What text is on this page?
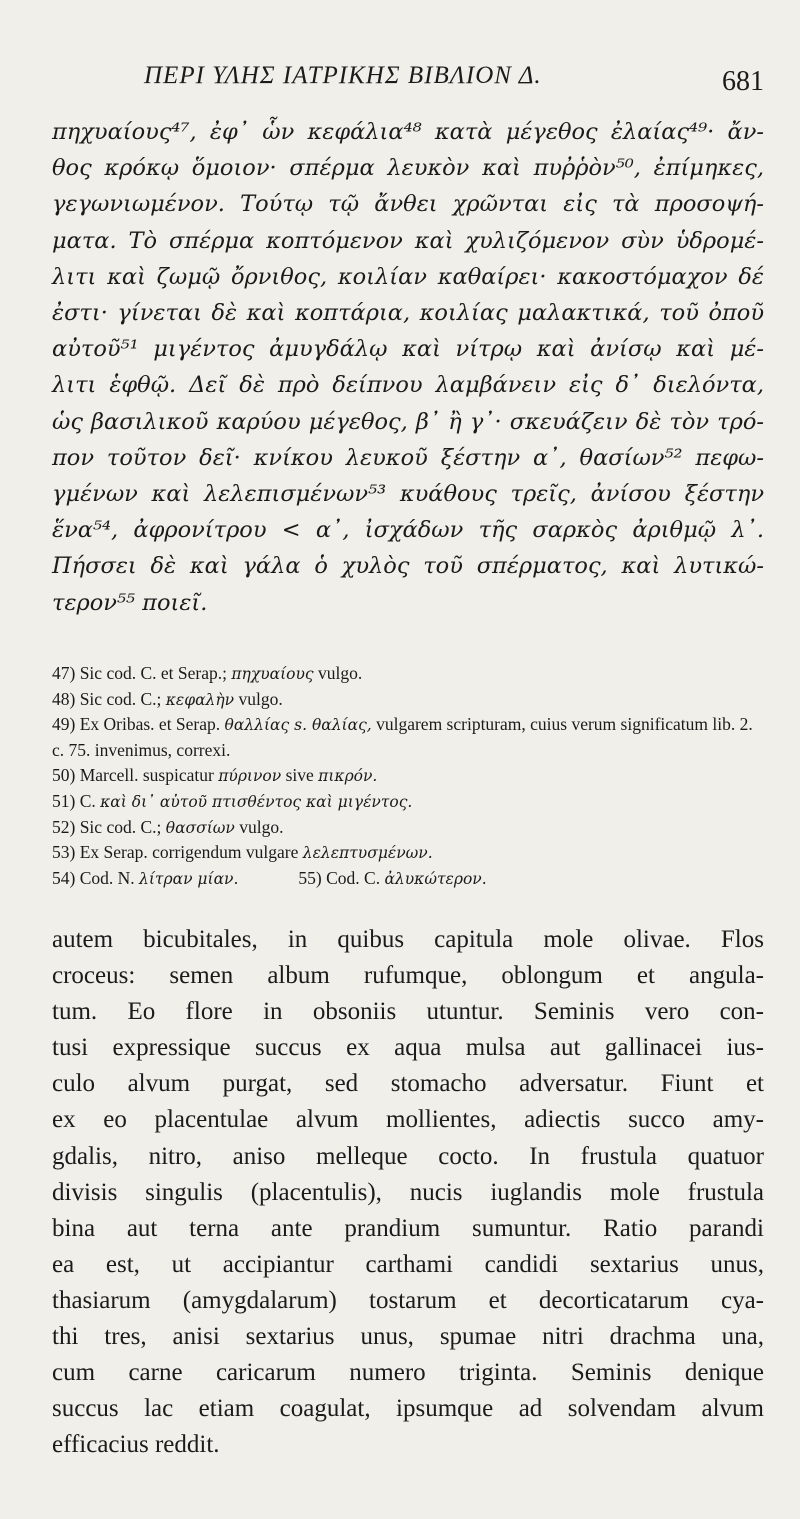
ΠΕΡΙ ΥΛΗΣ ΙΑΤΡΙΚΗΣ ΒΙΒΛΙΟΝ Δ.	681
πηχυαίους⁴⁷, ἐφ᾽ ὧν κεφάλια⁴⁸ κατὰ μέγεθος ἐλαίας⁴⁹· ἄν-
θος κρόκῳ ὅμοιον· σπέρμα λευκὸν καὶ πυῤῥὸν⁵⁰, ἐπίμηκες,
γεγωνιωμένον. Τούτῳ τῷ ἄνθει χρῶνται εἰς τὰ προσοψή-
ματα. Τὸ σπέρμα κοπτόμενον καὶ χυλιζόμενον σὺν ὑδρομέ-
λιτι καὶ ζωμῷ ὄρνιθος, κοιλίαν καθαίρει· κακοστόμαχον δέ
ἐστι· γίνεται δὲ καὶ κοπτάρια, κοιλίας μαλακτικά, τοῦ ὀποῦ
αὐτοῦ⁵¹ μιγέντος ἀμυγδάλῳ καὶ νίτρῳ καὶ ἀνίσῳ καὶ μέ-
λιτι ἑφθῷ. Δεῖ δὲ πρὸ δείπνου λαμβάνειν εἰς δ᾽ διελόντα,
ὡς βασιλικοῦ καρύου μέγεθος, β᾽ ἢ γ᾽· σκευάζειν δὲ τὸν τρό-
πον τοῦτον δεῖ· κνίκου λευκοῦ ξέστην α᾽, θασίων⁵² πεφω-
γμένων καὶ λελεπισμένων⁵³ κυάθους τρεῖς, ἀνίσου ξέστην
ἕνα⁵⁴, ἀφρονίτρου < α᾽, ἰσχάδων τῆς σαρκὸς ἀριθμῷ λ᾽.
Πήσσει δὲ καὶ γάλα ὁ χυλὸς τοῦ σπέρματος, καὶ λυτικώ-
τερον⁵⁵ ποιεῖ.
47) Sic cod. C. et Serap.; πηχυαίους vulgo.
48) Sic cod. C.; κεφαλὴν vulgo.
49) Ex Oribas. et Serap. θαλλίας s. θαλίας, vulgarem scripturam, cuius verum significatum lib. 2. c. 75. invenimus, correxi.
50) Marcell. suspicatur πύρινον sive πικρόν.
51) C. καὶ δι᾽ αὐτοῦ πτισθέντος καὶ μιγέντος.
52) Sic cod. C.; θασσίων vulgo.
53) Ex Serap. corrigendum vulgare λελεπτυσμένων.
54) Cod. N. λίτραν μίαν.	55) Cod. C. ἀλυκώτερον.
autem bicubitales, in quibus capitula mole olivae. Flos
croceus: semen album rufumque, oblongum et angula-
tum. Eo flore in obsoniis utuntur. Seminis vero con-
tusi expressique succus ex aqua mulsa aut gallinacei ius-
culo alvum purgat, sed stomacho adversatur. Fiunt et
ex eo placentulae alvum mollientes, adiectis succo amy-
gdalis, nitro, aniso melleque cocto. In frustula quatuor
divisis singulis (placentulis), nucis iuglandis mole frustula
bina aut terna ante prandium sumuntur. Ratio parandi
ea est, ut accipiantur carthami candidi sextarius unus,
thasiarum (amygdalarum) tostarum et decorticatarum cya-
thi tres, anisi sextarius unus, spumae nitri drachma una,
cum carne caricarum numero triginta. Seminis denique
succus lac etiam coagulat, ipsumque ad solvendam alvum
efficacius reddit.
